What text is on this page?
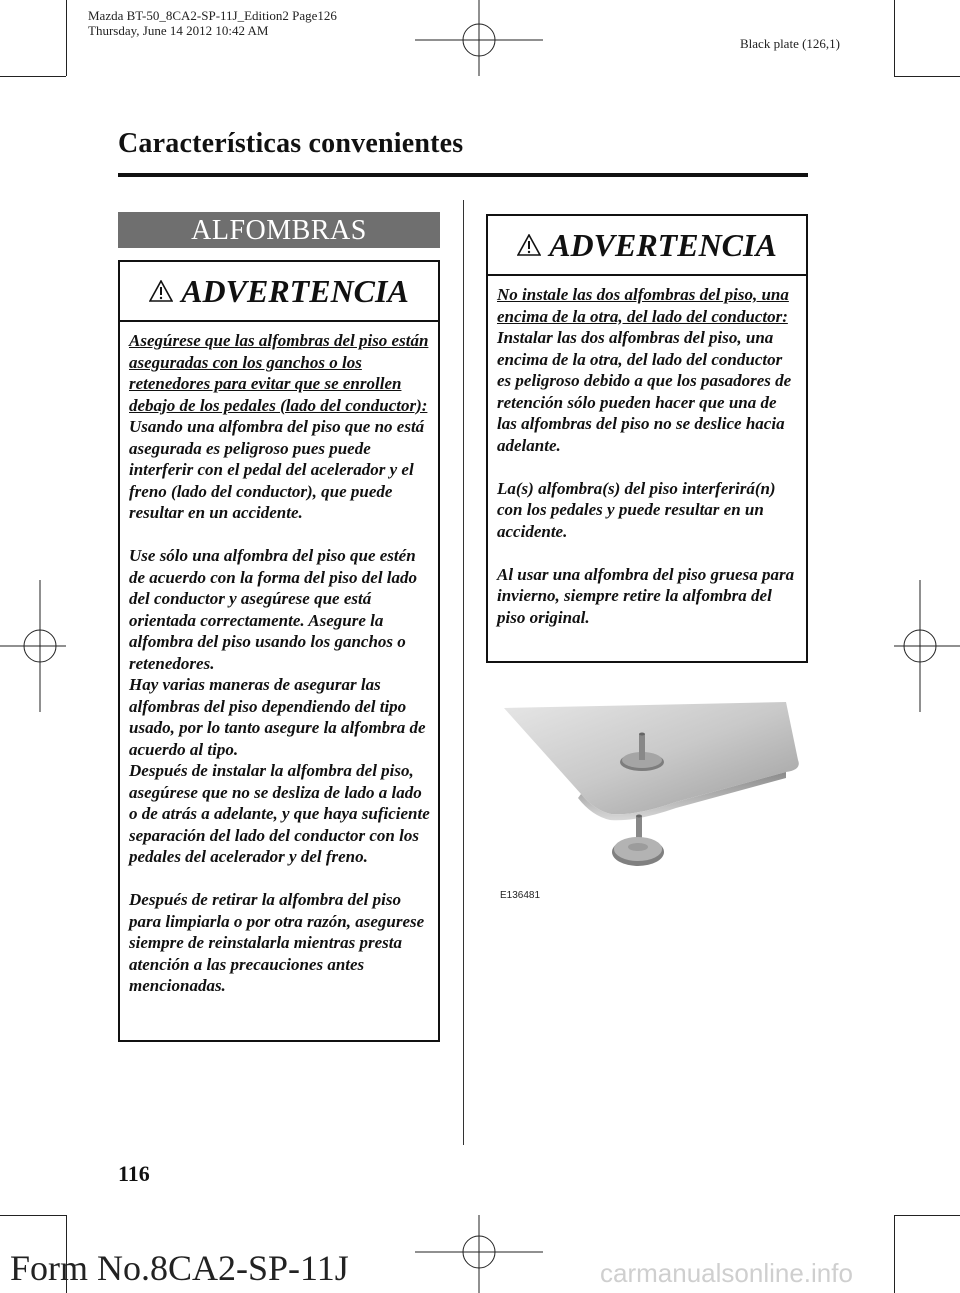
Mazda BT-50_8CA2-SP-11J_Edition2 Page126
Thursday, June 14 2012 10:42 AM
Black plate (126,1)
Características convenientes
ALFOMBRAS
ADVERTENCIA
Asegúrese que las alfombras del piso están aseguradas con los ganchos o los retenedores para evitar que se enrollen debajo de los pedales (lado del conductor):

Usando una alfombra del piso que no está asegurada es peligroso pues puede interferir con el pedal del acelerador y el freno (lado del conductor), que puede resultar en un accidente.

Use sólo una alfombra del piso que estén de acuerdo con la forma del piso del lado del conductor y asegúrese que está orientada correctamente. Asegure la alfombra del piso usando los ganchos o retenedores.
Hay varias maneras de asegurar las alfombras del piso dependiendo del tipo usado, por lo tanto asegure la alfombra de acuerdo al tipo.

Después de instalar la alfombra del piso, asegúrese que no se desliza de lado a lado o de atrás a adelante, y que haya suficiente separación del lado del conductor con los pedales del acelerador y del freno.

Después de retirar la alfombra del piso para limpiarla o por otra razón, asegurese siempre de reinstalarla mientras presta atención a las precauciones antes mencionadas.

ADVERTENCIA
No instale las dos alfombras del piso, una encima de la otra, del lado del conductor:

Instalar las dos alfombras del piso, una encima de la otra, del lado del conductor es peligroso debido a que los pasadores de retención sólo pueden hacer que una de las alfombras del piso no se deslice hacia adelante.

La(s) alfombra(s) del piso interferirá(n) con los pedales y puede resultar en un accidente.

Al usar una alfombra del piso gruesa para invierno, siempre retire la alfombra del piso original.

E136481
116
Form No.8CA2-SP-11J	carmanualsonline.info
